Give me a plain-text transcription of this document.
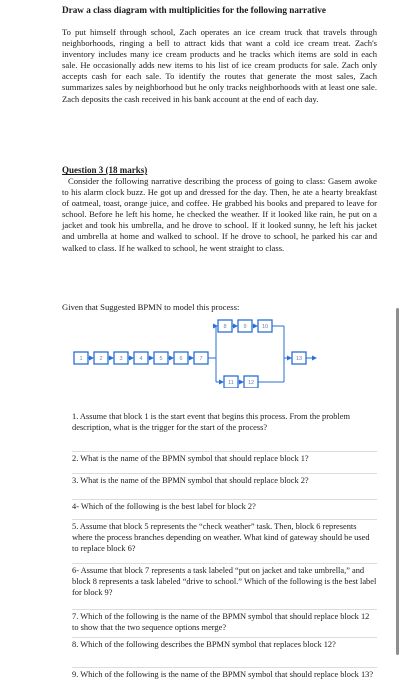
Draw a class diagram with multiplicities for the following narrative
To put himself through school, Zach operates an ice cream truck that travels through neighborhoods, ringing a bell to attract kids that want a cold ice cream treat. Zach's inventory includes many ice cream products and he tracks which items are sold in each sale. He occasionally adds new items to his list of ice cream products for sale. Zach only accepts cash for each sale. To identify the routes that generate the most sales, Zach summarizes sales by neighborhood but he only tracks neighborhoods with at least one sale. Zach deposits the cash received in his bank account at the end of each day.
Question 3 (18 marks)
Consider the following narrative describing the process of going to class: Gasem awoke to his alarm clock buzz. He got up and dressed for the day. Then, he ate a hearty breakfast of oatmeal, toast, orange juice, and coffee. He grabbed his books and prepared to leave for school. Before he left his home, he checked the weather. If it looked like rain, he put on a jacket and took his umbrella, and he drove to school. If it looked sunny, he left his jacket and umbrella at home and walked to school. If he drove to school, he parked his car and walked to class. If he walked to school, he went straight to class.
Given that Suggested BPMN to model this process:
1	2	3	4	5	6	7
8	9	10
11	12
13
1. Assume that block 1 is the start event that begins this process. From the problem description, what is the trigger for the start of the process?
2. What is the name of the BPMN symbol that should replace block 1?
3. What is the name of the BPMN symbol that should replace block 2?
4- Which of the following is the best label for block 2?
5. Assume that block 5 represents the “check weather” task. Then, block 6 represents where the process branches depending on weather. What kind of gateway should be used to replace block 6?
6- Assume that block 7 represents a task labeled “put on jacket and take umbrella,” and block 8 represents a task labeled “drive to school.” Which of the following is the best label for block 9?
7. Which of the following is the name of the BPMN symbol that should replace block 12 to show that the two sequence options merge?
8. Which of the following describes the BPMN symbol that replaces block 12?
9. Which of the following is the name of the BPMN symbol that should replace block 13?
